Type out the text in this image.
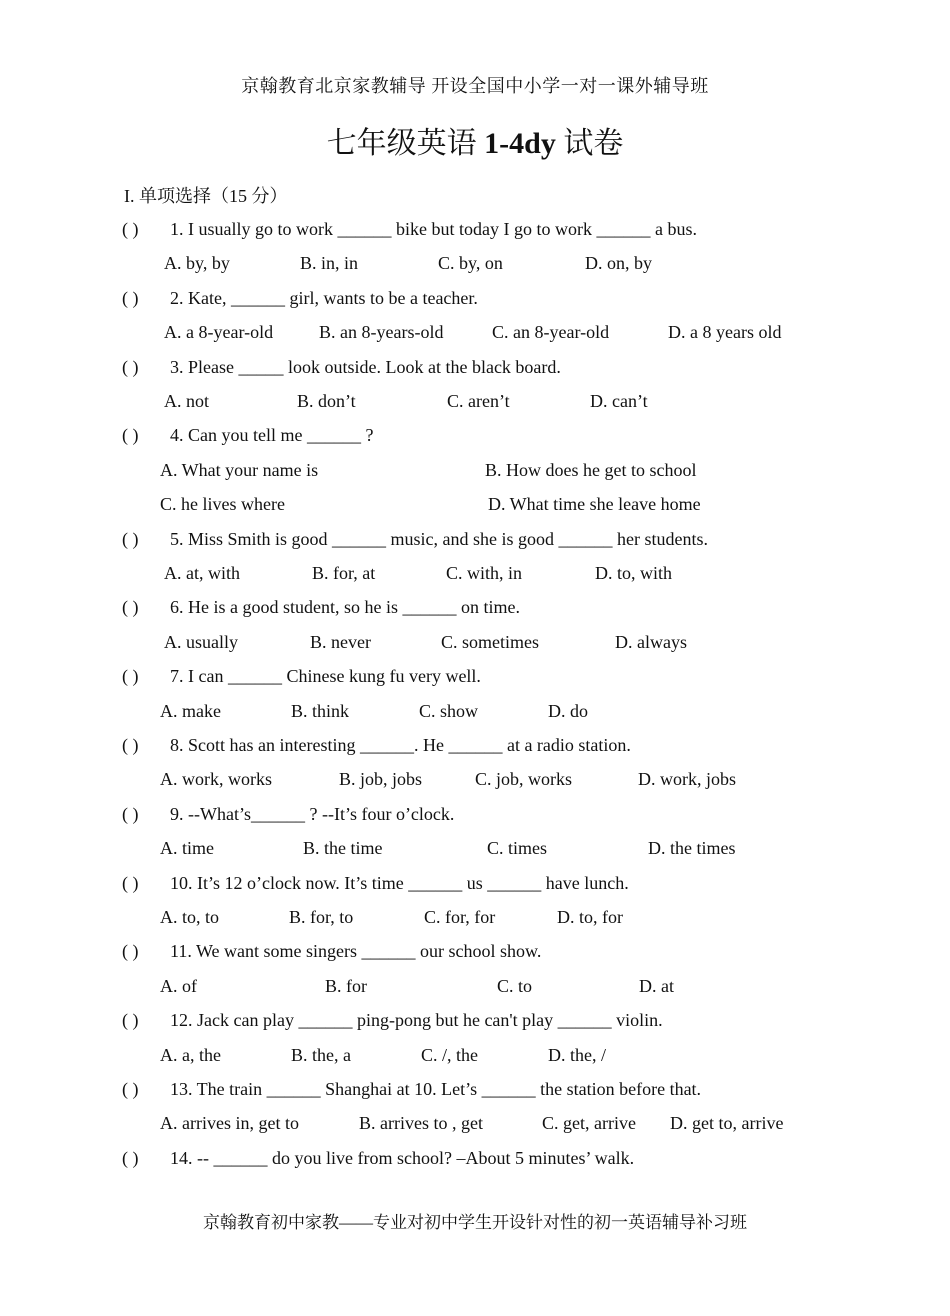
京翰教育北京家教辅导 开设全国中小学一对一课外辅导班
七年级英语 1-4dy 试卷
I. 单项选择（15 分）
( ) 1. I usually go to work ______ bike but today I go to work ______ a bus.
A. by, by	B. in, in	C. by, on	D. on, by
( ) 2. Kate, ______ girl, wants to be a teacher.
A. a 8-year-old	B. an 8-years-old	C. an 8-year-old	D. a 8 years old
( ) 3. Please _____ look outside. Look at the black board.
A. not	B. don’t	C. aren’t	D. can’t
( ) 4. Can you tell me ______ ?
A. What your name is	B. How does he get to school
C. he lives where	D. What time she leave home
( ) 5. Miss Smith is good ______ music, and she is good ______ her students.
A. at, with	B. for, at	C. with, in	D. to, with
( ) 6. He is a good student, so he is ______ on time.
A. usually	B. never	C. sometimes	D. always
( ) 7. I can ______ Chinese kung fu very well.
A. make	B. think	C. show	D. do
( ) 8. Scott has an interesting ______. He ______ at a radio station.
A. work, works	B. job, jobs	C. job, works	D. work, jobs
( ) 9. --What’s______ ? --It’s four o’clock.
A. time	B. the time	C. times	D. the times
( ) 10. It’s 12 o’clock now. It’s time ______ us ______ have lunch.
A. to, to	B. for, to	C. for, for	D. to, for
( ) 11. We want some singers ______ our school show.
A. of	B. for	C. to	D. at
( ) 12. Jack can play ______ ping-pong but he can't play ______ violin.
A. a, the	B. the, a	C. /, the	D. the, /
( ) 13. The train ______ Shanghai at 10. Let’s ______ the station before that.
A. arrives in, get to	B. arrives to , get	C. get, arrive D. get to, arrive
( ) 14. -- ______ do you live from school? –About 5 minutes’ walk.
京翰教育初中家教——专业对初中学生开设针对性的初一英语辅导补习班
